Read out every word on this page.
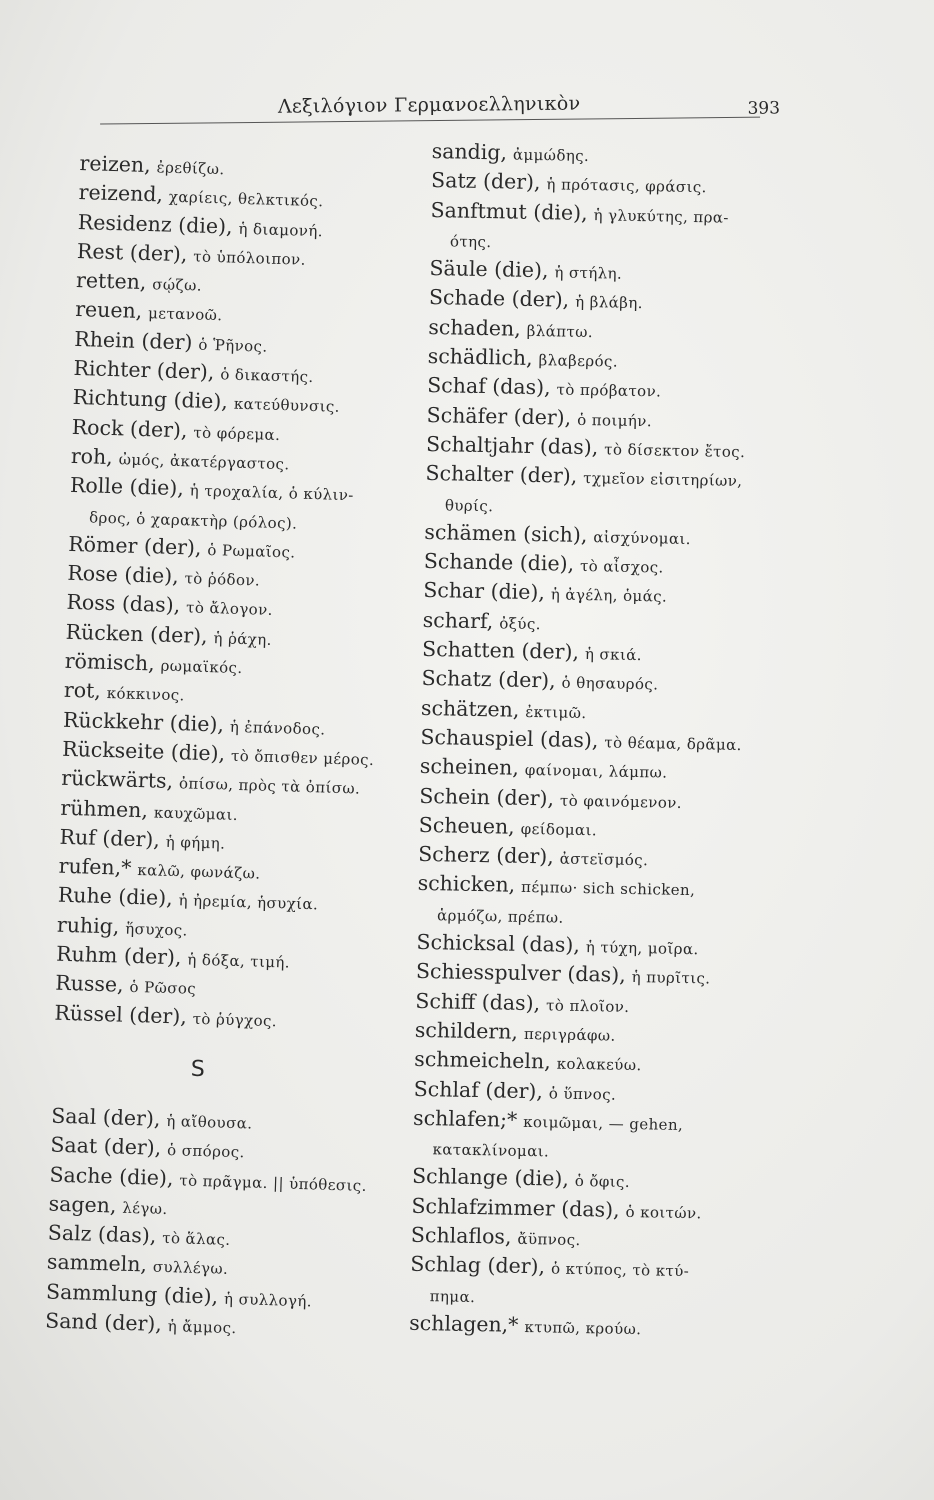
Λεξιλόγιον Γερμανοελληνικὸν	393
reizen, ἐρεθίζω.
reizend, χαρίεις, θελκτικός.
Residenz (die), ἡ διαμονή.
Rest (der), τὸ ὑπόλοιπον.
retten, σῴζω.
reuen, μετανοῶ.
Rhein (der) ὁ Ῥῆνος.
Richter (der), ὁ δικαστής.
Richtung (die), κατεύθυνσις.
Rock (der), τὸ φόρεμα.
roh, ὠμός, ἀκατέργαστος.
Rolle (die), ἡ τροχαλία, ὁ κύλιν-
δρος, ὁ χαρακτὴρ (ρόλος).
Römer (der), ὁ Ρωμαῖος.
Rose (die), τὸ ῥόδον.
Ross (das), τὸ ἄλογον.
Rücken (der), ἡ ῥάχη.
römisch, ρωμαϊκός.
rot, κόκκινος.
Rückkehr (die), ἡ ἐπάνοδος.
Rückseite (die), τὸ ὄπισθεν μέρος.
rückwärts, ὀπίσω, πρὸς τὰ ὀπίσω.
rühmen, καυχῶμαι.
Ruf (der), ἡ φήμη.
rufen,* καλῶ, φωνάζω.
Ruhe (die), ἡ ἠρεμία, ἡσυχία.
ruhig, ἥσυχος.
Ruhm (der), ἡ δόξα, τιμή.
Russe, ὁ Ρῶσος
Rüssel (der), τὸ ῥύγχος.
S
Saal (der), ἡ αἴθουσα.
Saat (der), ὁ σπόρος.
Sache (die), τὸ πρᾶγμα. || ὑπόθεσις.
sagen, λέγω.
Salz (das), τὸ ἅλας.
sammeln, συλλέγω.
Sammlung (die), ἡ συλλογή.
Sand (der), ἡ ἄμμος.
sandig, ἀμμώδης.
Satz (der), ἡ πρότασις, φράσις.
Sanftmut (die), ἡ γλυκύτης, πρα-
ότης.
Säule (die), ἡ στήλη.
Schade (der), ἡ βλάβη.
schaden, βλάπτω.
schädlich, βλαβερός.
Schaf (das), τὸ πρόβατον.
Schäfer (der), ὁ ποιμήν.
Schaltjahr (das), τὸ δίσεκτον ἔτος.
Schalter (der), τχμεῖον εἰσιτηρίων,
θυρίς.
schämen (sich), αἰσχύνομαι.
Schande (die), τὸ αἶσχος.
Schar (die), ἡ ἀγέλη, ὁμάς.
scharf, ὀξύς.
Schatten (der), ἡ σκιά.
Schatz (der), ὁ θησαυρός.
schätzen, ἐκτιμῶ.
Schauspiel (das), τὸ θέαμα, δρᾶμα.
scheinen, φαίνομαι, λάμπω.
Schein (der), τὸ φαινόμενον.
Scheuen, φείδομαι.
Scherz (der), ἀστεϊσμός.
schicken, πέμπω· sich schicken,
ἁρμόζω, πρέπω.
Schicksal (das), ἡ τύχη, μοῖρα.
Schiesspulver (das), ἡ πυρῖτις.
Schiff (das), τὸ πλοῖον.
schildern, περιγράφω.
schmeicheln, κολακεύω.
Schlaf (der), ὁ ὕπνος.
schlafen;* κοιμῶμαι, — gehen,
κατακλίνομαι.
Schlange (die), ὁ ὄφις.
Schlafzimmer (das), ὁ κοιτών.
Schlaflos, ἄϋπνος.
Schlag (der), ὁ κτύπος, τὸ κτύ-
πημα.
schlagen,* κτυπῶ, κρούω.
